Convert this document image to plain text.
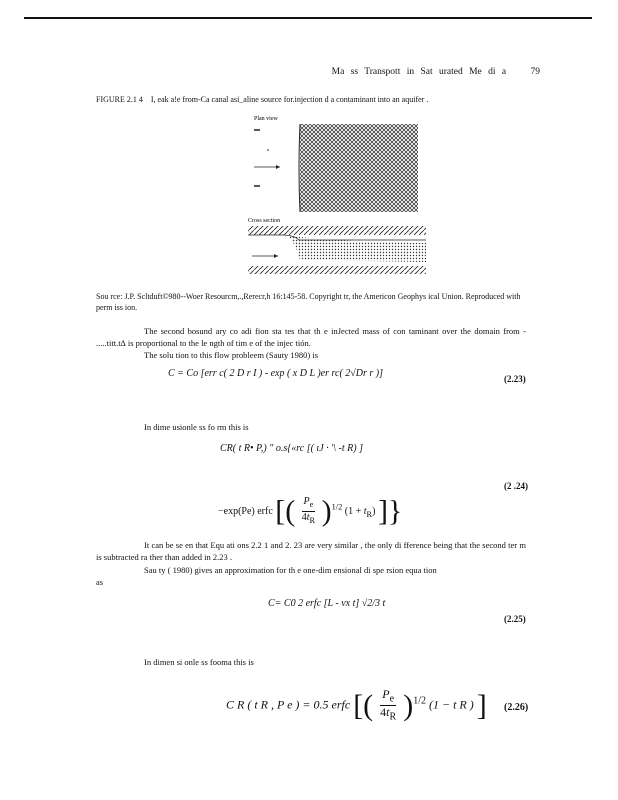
Ma ss Transpott in Sat urated Me di a	79
FIGURE 2.1 4 I, eak a!e from-Ca canal asi_aline source for.injection d a contaminant into an aquifer .
Plan view
Cross section
Sou rce: J.P. Scltduft©980--Woer Resourcm,.,Rerecr,h 16:145-58. Copyright tr, the Americon Geophys ical Union. Reproduced with perm iss ion.
The second bosund ary co adi fion sta tes that th e inJected mass of con taminant over the domain from - .....titt.t∆ is proportional to the le ngth of tim e of the injec tión.
The solu tion to this flow probleem (Sauty 1980) is
C = Co [err c( 2 D r I ) - exp ( x D L )er rc( 2√Dr r )]	(2.23)
In dime usionle ss fo rm this is
CR( t R• P,) " o.s{«rc [( ıJ · '\ -t R) ]
(2 .24)
−exp(Pe) erfc [( $\frac{P_e}{4t_R} )^{1/2}$ $(1 + t_R)$ ]}
It can be se en that Equ ati ons 2.2 1 and 2. 23 are very similar , the only di fference being that the second ter m is subtracted ra ther than added in 2.23 .
Sau ty ( 1980) gives an approximation for th e one-dim ensional di spe rsion equa tion
as
C= C0 2 erfc [L - vx t] √2/3 t
(2.25)
In dimen si onle ss fooma this is
C R ( t R , P e ) = 0.5 erfc [( $\frac{P_e}{4t_R} )^{1/2}$ (1 − t R ) ] (2.26)
